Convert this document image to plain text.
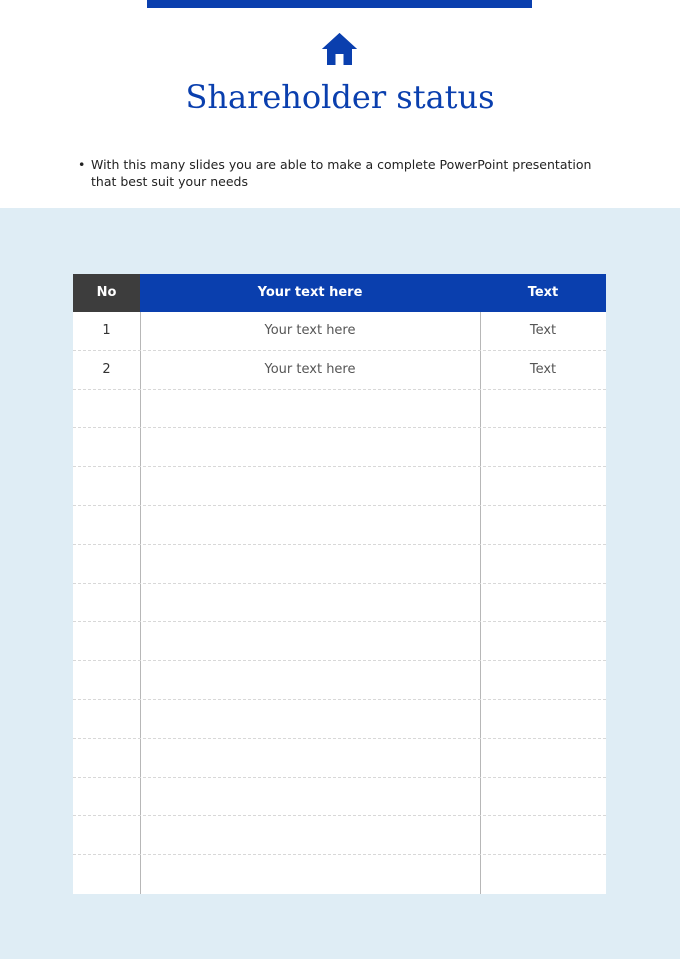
Shareholder status
• With this many slides you are able to make a complete PowerPoint presentation that best suit your needs
No	Your text here	Text
1	Your text here	Text
2	Your text here	Text
